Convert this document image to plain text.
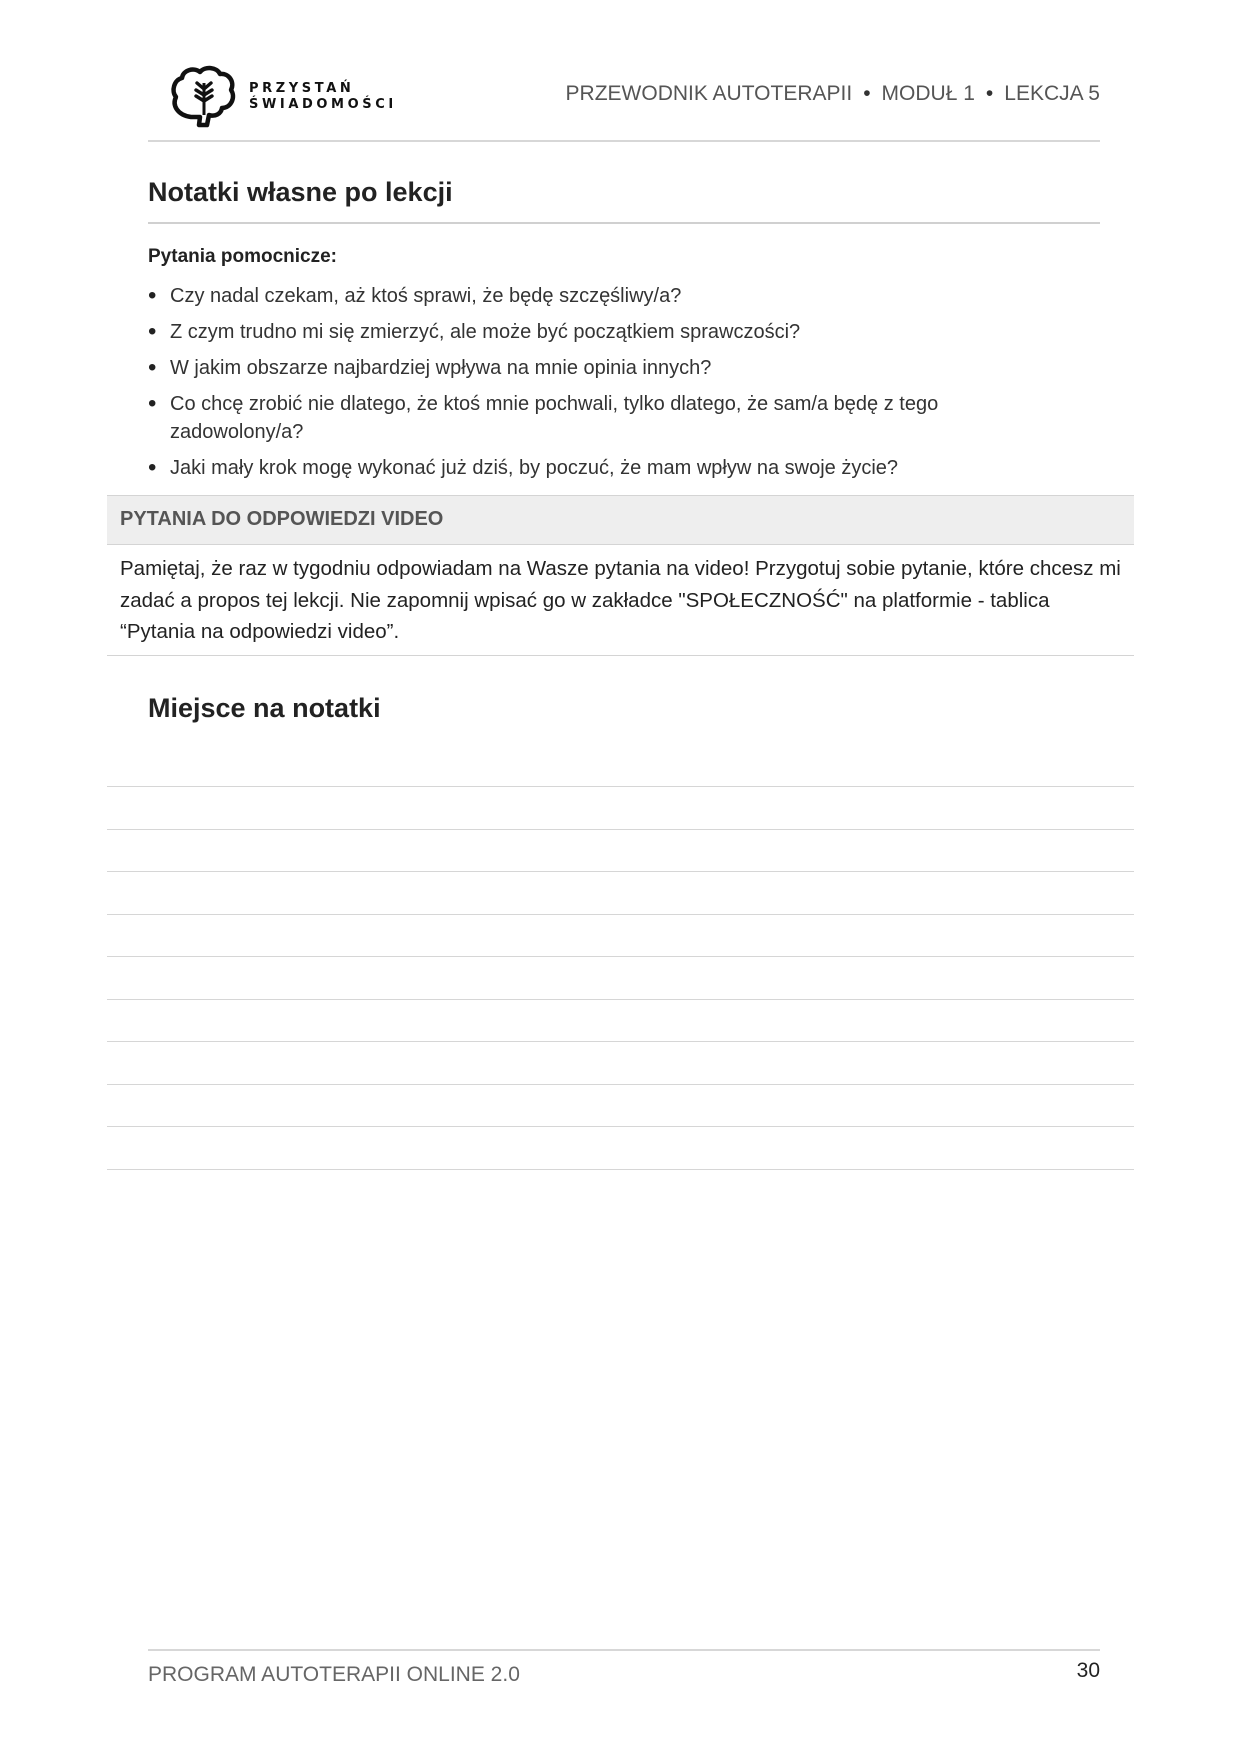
PRZYSTAŃ
ŚWIADOMOŚCI	PRZEWODNIK AUTOTERAPII • MODUŁ 1 • LEKCJA 5
Notatki własne po lekcji
Pytania pomocnicze:
• Czy nadal czekam, aż ktoś sprawi, że będę szczęśliwy/a?
• Z czym trudno mi się zmierzyć, ale może być początkiem sprawczości?
• W jakim obszarze najbardziej wpływa na mnie opinia innych?
• Co chcę zrobić nie dlatego, że ktoś mnie pochwali, tylko dlatego, że sam/a będę z tego zadowolony/a?
• Jaki mały krok mogę wykonać już dziś, by poczuć, że mam wpływ na swoje życie?
PYTANIA DO ODPOWIEDZI VIDEO

Pamiętaj, że raz w tygodniu odpowiadam na Wasze pytania na video! Przygotuj sobie pytanie, które chcesz mi zadać a propos tej lekcji. Nie zapomnij wpisać go w zakładce "SPOŁECZNOŚĆ" na platformie - tablica “Pytania na odpowiedzi video”.

Miejsce na notatki
PROGRAM AUTOTERAPII ONLINE 2.0	30
